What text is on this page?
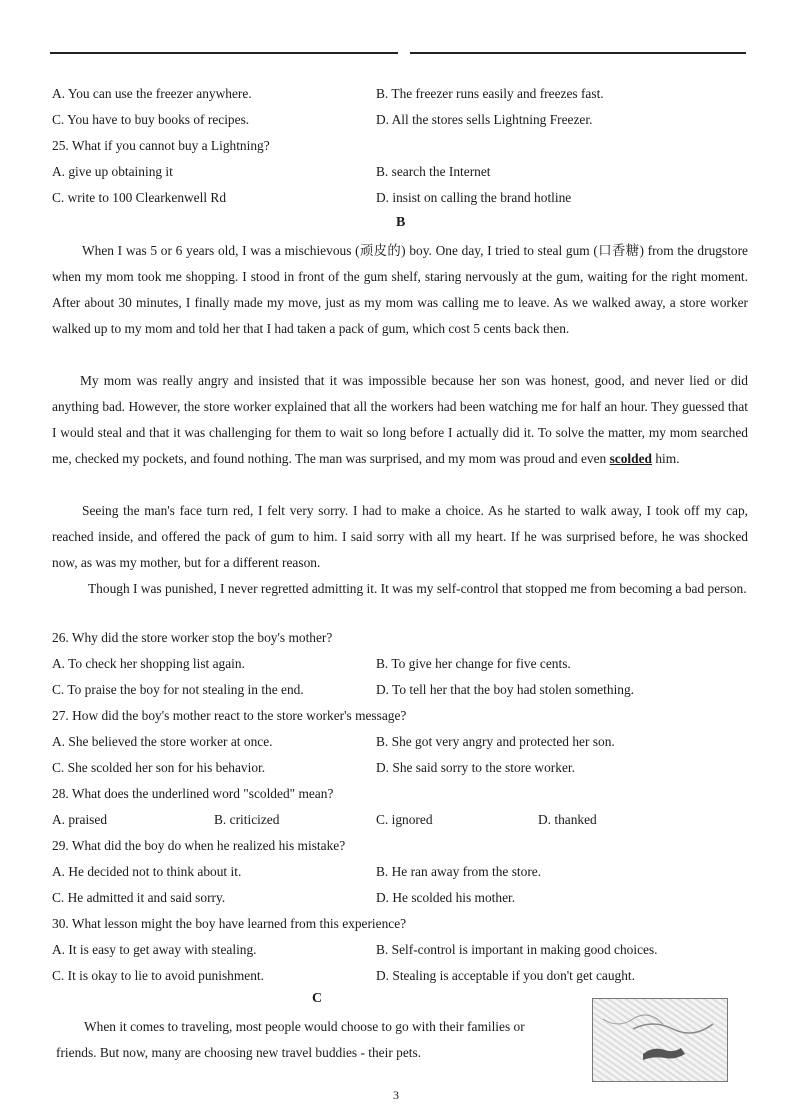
A. You can use the freezer anywhere.	B. The freezer runs easily and freezes fast.
C. You have to buy books of recipes.	D. All the stores sells Lightning Freezer.
25. What if you cannot buy a Lightning?
A. give up obtaining it	B. search the Internet
C. write to 100 Clearkenwell Rd	D. insist on calling the brand hotline
B
When I was 5 or 6 years old, I was a mischievous (顽皮的) boy. One day, I tried to steal gum (口香糖) from the drugstore when my mom took me shopping. I stood in front of the gum shelf, staring nervously at the gum, waiting for the right moment. After about 30 minutes, I finally made my move, just as my mom was calling me to leave. As we walked away, a store worker walked up to my mom and told her that I had taken a pack of gum, which cost 5 cents back then.
My mom was really angry and insisted that it was impossible because her son was honest, good, and never lied or did anything bad. However, the store worker explained that all the workers had been watching me for half an hour. They guessed that I would steal and that it was challenging for them to wait so long before I actually did it. To solve the matter, my mom searched me, checked my pockets, and found nothing. The man was surprised, and my mom was proud and even scolded him.
Seeing the man's face turn red, I felt very sorry. I had to make a choice. As he started to walk away, I took off my cap, reached inside, and offered the pack of gum to him. I said sorry with all my heart. If he was surprised before, he was shocked now, as was my mother, but for a different reason.
Though I was punished, I never regretted admitting it. It was my self-control that stopped me from becoming a bad person.
26. Why did the store worker stop the boy's mother?
A. To check her shopping list again.	B. To give her change for five cents.
C. To praise the boy for not stealing in the end.	D. To tell her that the boy had stolen something.
27. How did the boy's mother react to the store worker's message?
A. She believed the store worker at once.	B. She got very angry and protected her son.
C. She scolded her son for his behavior.	D. She said sorry to the store worker.
28. What does the underlined word "scolded" mean?
A. praised	B. criticized	C. ignored	D. thanked
29. What did the boy do when he realized his mistake?
A. He decided not to think about it.	B. He ran away from the store.
C. He admitted it and said sorry.	D. He scolded his mother.
30. What lesson might the boy have learned from this experience?
A. It is easy to get away with stealing.	B. Self-control is important in making good choices.
C. It is okay to lie to avoid punishment.	D. Stealing is acceptable if you don't get caught.
C
When it comes to traveling, most people would choose to go with their families or
friends. But now, many are choosing new travel buddies - their pets.
3
